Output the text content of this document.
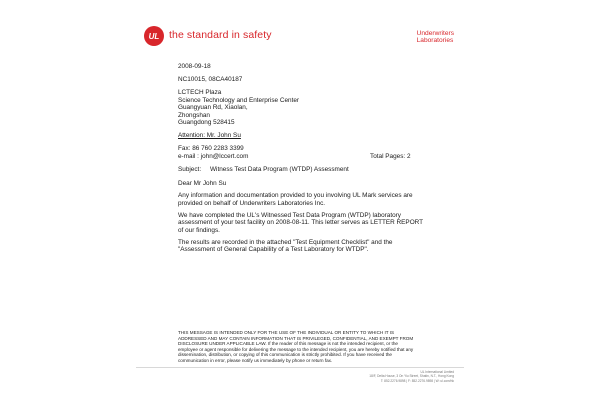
UL the standard in safety	Underwriters
Laboratories
2008-09-18
NC10015, 08CA40187
LCTECH Plaza
Science Technology and Enterprise Center
Guangyuan Rd, Xiaolan,
Zhongshan
Guangdong 528415
Attention: Mr. John Su
Fax: 86 760 2283 3399
e-mail : john@lccert.com	Total Pages: 2
Subject: Witness Test Data Program (WTDP) Assessment
Dear Mr John Su
Any information and documentation provided to you involving UL Mark services are
provided on behalf of Underwriters Laboratories Inc.
We have completed the UL's Witnessed Test Data Program (WTDP) laboratory
assessment of your test facility on 2008-08-11. This letter serves as LETTER REPORT
of our findings.
The results are recorded in the attached "Test Equipment Checklist" and the
"Assessment of General Capability of a Test Laboratory for WTDP".
THIS MESSAGE IS INTENDED ONLY FOR THE USE OF THE INDIVIDUAL OR ENTITY TO WHICH IT IS ADDRESSED AND MAY CONTAIN INFORMATION THAT IS PRIVILEGED, CONFIDENTIAL, AND EXEMPT FROM DISCLOSURE UNDER APPLICABLE LAW. If the reader of this message is not the intended recipient, or the employee or agent responsible for delivering the message to the intended recipient, you are hereby notified that any dissemination, distribution, or copying of this communication is strictly prohibited. If you have received the communication in error, please notify us immediately by phone or return fax.
UL International Limited
18/F, Delta House, 3 On Yiu Street, Shatin, N.T., Hong Kong
T: 852.2276.9898 | F: 852.2276.9898 | W: ul.com/hk
